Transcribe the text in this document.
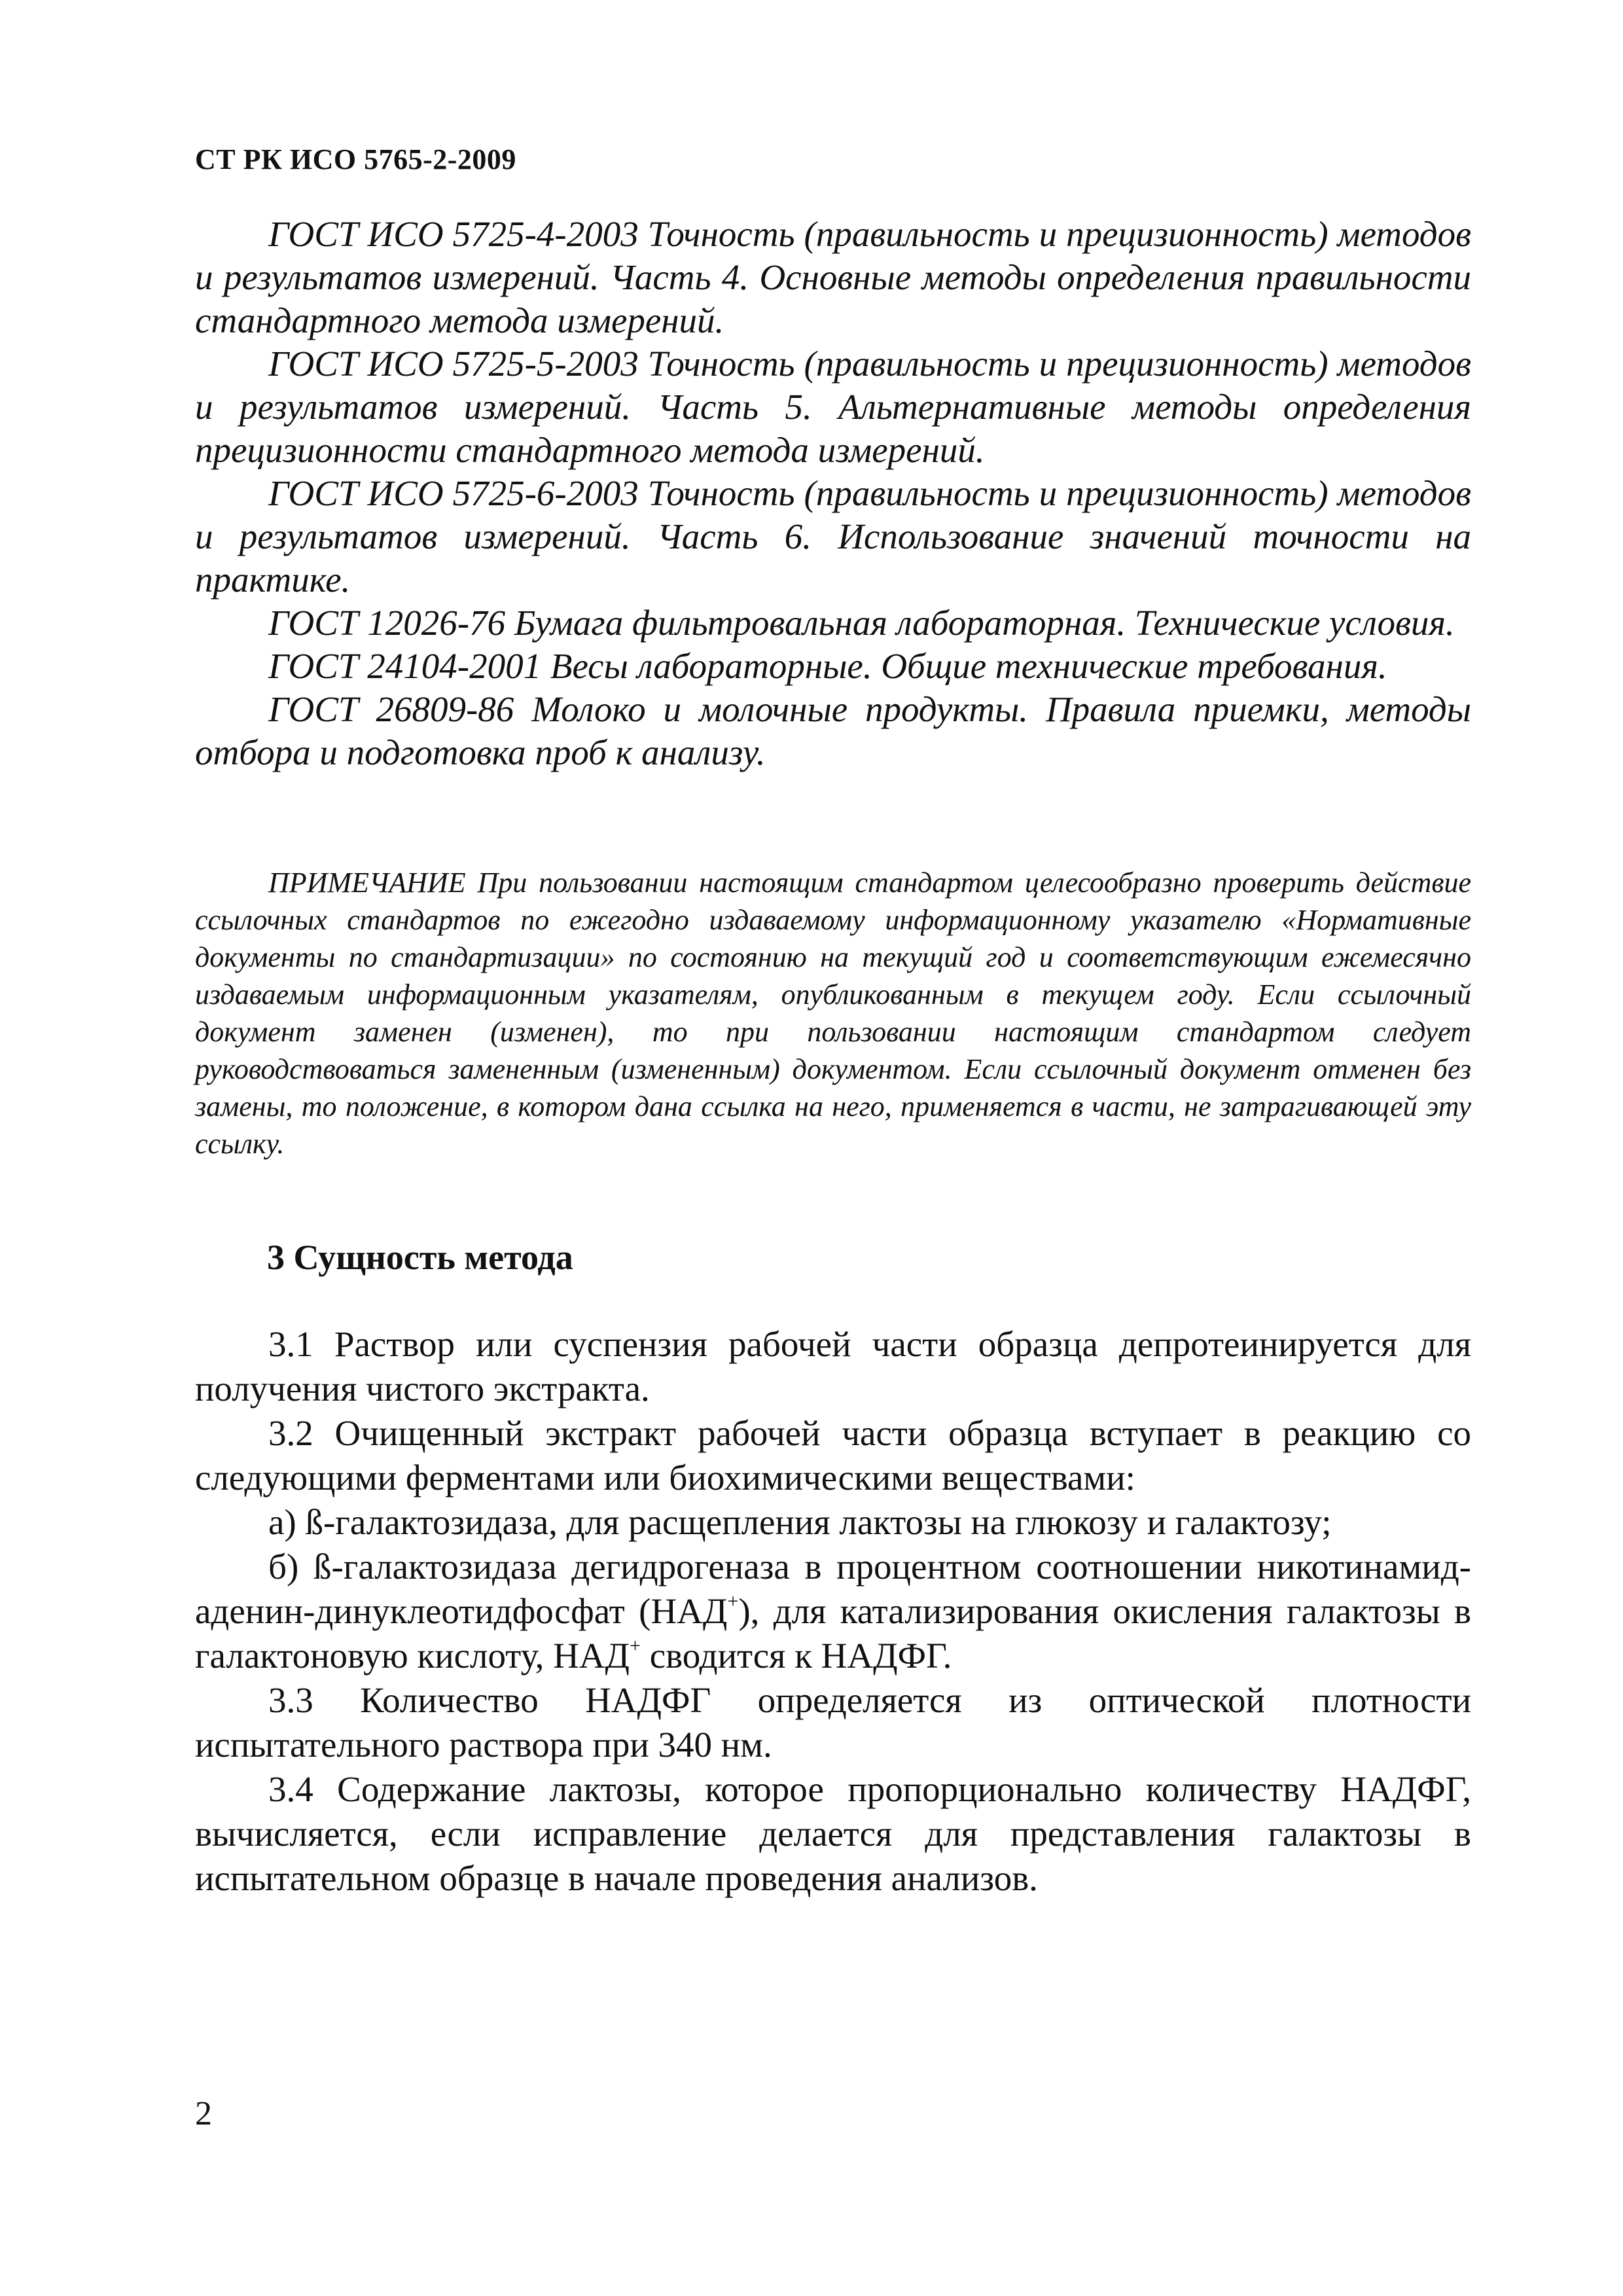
СТ РК ИСО 5765-2-2009

ГОСТ ИСО 5725-4-2003 Точность (правильность и прецизионность) методов и результатов измерений. Часть 4. Основные методы определения правильности стандартного метода измерений.

ГОСТ ИСО 5725-5-2003 Точность (правильность и прецизионность) методов и результатов измерений. Часть 5. Альтернативные методы определения прецизионности стандартного метода измерений.

ГОСТ ИСО 5725-6-2003 Точность (правильность и прецизионность) методов и результатов измерений. Часть 6. Использование значений точности на практике.

ГОСТ 12026-76 Бумага фильтровальная лабораторная. Технические условия.

ГОСТ 24104-2001 Весы лабораторные. Общие технические требования.

ГОСТ 26809-86 Молоко и молочные продукты. Правила приемки, методы отбора и подготовка проб к анализу.

ПРИМЕЧАНИЕ При пользовании настоящим стандартом целесообразно проверить действие ссылочных стандартов по ежегодно издаваемому информационному указателю «Нормативные документы по стандартизации» по состоянию на текущий год и соответствующим ежемесячно издаваемым информационным указателям, опубликованным в текущем году. Если ссылочный документ заменен (изменен), то при пользовании настоящим стандартом следует руководствоваться замененным (измененным) документом. Если ссылочный документ отменен без замены, то положение, в котором дана ссылка на него, применяется в части, не затрагивающей эту ссылку.

3 Сущность метода

3.1 Раствор или суспензия рабочей части образца депротеинируется для получения чистого экстракта.

3.2 Очищенный экстракт рабочей части образца вступает в реакцию со следующими ферментами или биохимическими веществами:

а) ß-галактозидаза, для расщепления лактозы на глюкозу и галактозу;

б) ß-галактозидаза дегидрогеназа в процентном соотношении никотинамид-аденин-динуклеотидфосфат (НАД+), для катализирования окисления галактозы в галактоновую кислоту, НАД+ сводится к НАДФГ.

3.3 Количество НАДФГ определяется из оптической плотности испытательного раствора при 340 нм.

3.4 Содержание лактозы, которое пропорционально количеству НАДФГ, вычисляется, если исправление делается для представления галактозы в испытательном образце в начале проведения анализов.

2
